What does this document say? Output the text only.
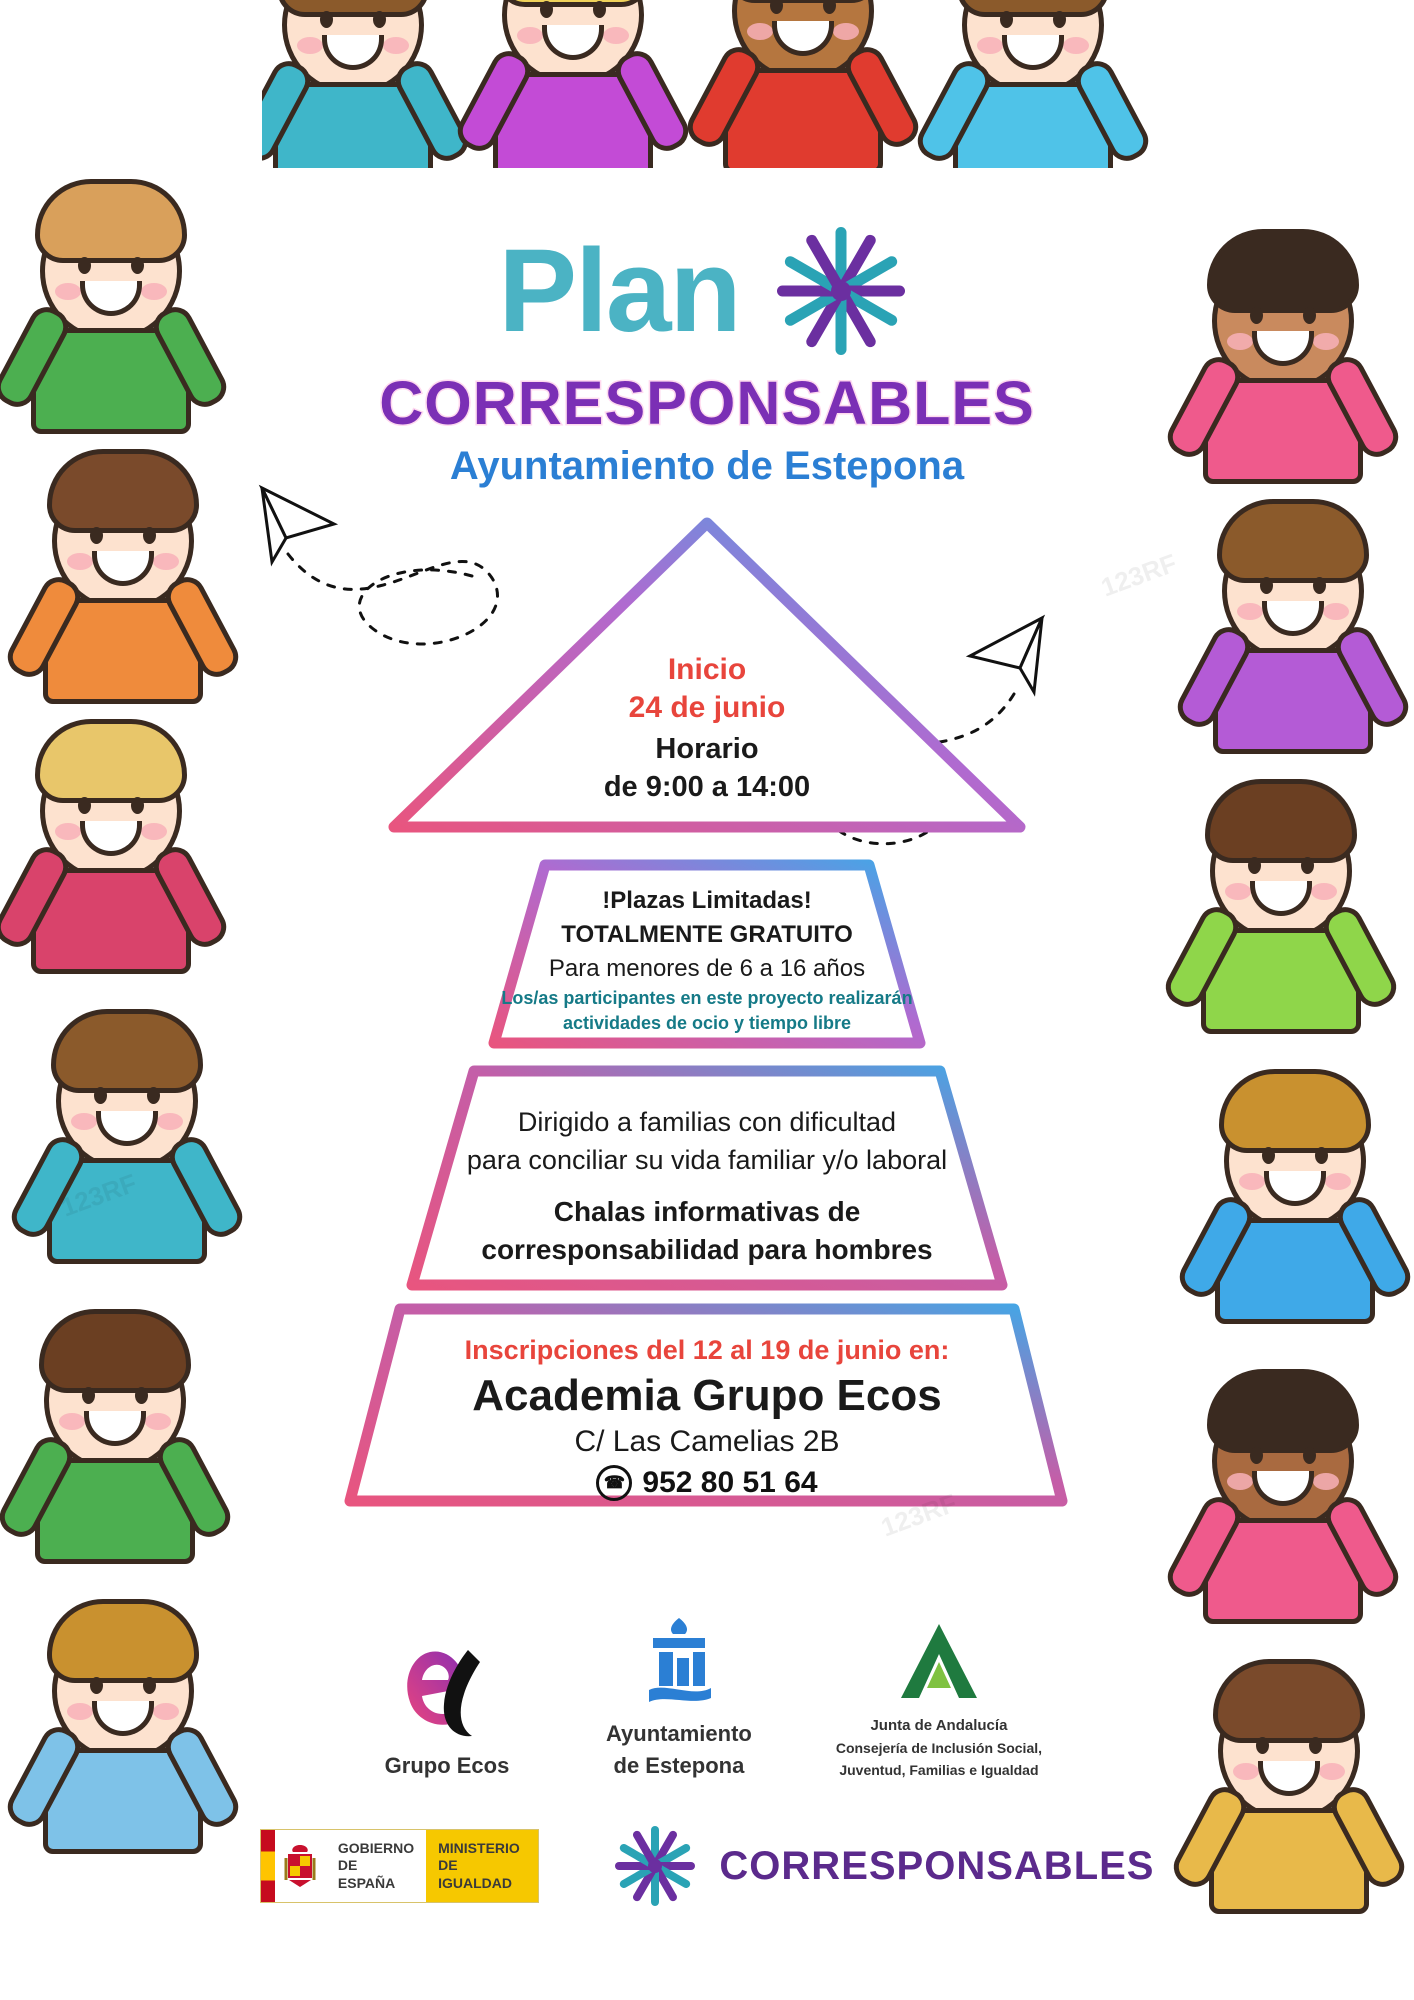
Plan
CORRESPONSABLES
Ayuntamiento de Estepona
Inicio
24 de junio
Horario
de 9:00 a 14:00
!Plazas Limitadas!
TOTALMENTE GRATUITO
Para menores de 6 a 16 años
Los/as participantes en este proyecto realizarán
actividades de ocio y tiempo libre
Dirigido a familias con dificultad
para conciliar su vida familiar y/o laboral
Chalas informativas de
corresponsabilidad para hombres
Inscripciones del 12 al 19 de junio en:
Academia Grupo Ecos
C/ Las Camelias 2B
☎ 952 80 51 64
Grupo Ecos
Ayuntamiento
de Estepona
Junta de Andalucía
Consejería de Inclusión Social,
Juventud, Familias e Igualdad
GOBIERNO
DE ESPAÑA
MINISTERIO
DE IGUALDAD	CORRESPONSABLES
